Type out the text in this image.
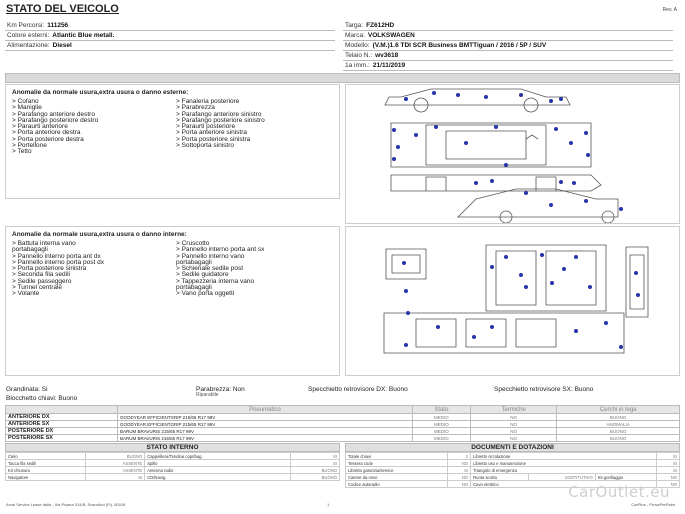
STATO DEL VEICOLO	Rev. A
Km Percorsi: 111256
Colore esterni: Atlantic Blue metall.
Alimentazione: Diesel
Targa: FZ612HD
Marca: VOLKSWAGEN
Modello: (V.M.)1.6 TDI SCR Business BMTTiguan / 2016 / 5P / SUV
Telaio N.: wv3618
1a imm.: 21/11/2019
Anomalie da normale usura,extra usura o danno esterne:
> Cofano
> Maniglie
> Parafango anteriore destro
> Parafango posteriore destro
> Paraurti anteriore
> Porta anteriore destra
> Porta posteriore destra
> Portellone
> Tetto
> Fanaleria posteriore
> Parabrezza
> Parafango anteriore sinistro
> Parafango posteriore sinistro
> Paraurti posteriore
> Porta anteriore sinistra
> Porta posteriore sinistra
> Sottoporta sinistro
Anomalie da normale usura,extra usura o danno interne:
> Battuta interna vano
portabagagli
> Pannello interno porta ant dx
> Pannello interno porta post dx
> Porta posteriore sinistra
> Seconda fila sedili
> Sedile passeggero
> Tunnel centrale
> Volante
> Cruscotto
> Pannello interno porta ant sx
> Pannello interno vano
portabagagli
> Schienale sedile post
> Sedile guidatore
> Tappezzeria interna vano
portabagagli
> Vano porta oggetti
Grandinata: Si	Parabrezza: Non
Riparabile
Specchietto retrovisore DX: Buono	Specchietto retrovisore SX: Buono
Blocchetto chiavi: Buono
	Pneumatico	Stato	Termiche	Cerchi in lega
ANTERIORE DX	GOODYEAR EFFICIENTGRIP 215/65 R17 99V	MEDIO	NO	BUONO
ANTERIORE SX	GOODYEAR EFFICIENTGRIP 215/65 R17 99V	MEDIO	NO	ANOMALIA
POSTERIORE DX	BARUM BRAVURIS 215/65 R17 99V	MEDIO	NO	BUONO
POSTERIORE SX	BARUM BRAVURIS 215/65 R17 99V	MEDIO	NO	BUONO
STATO INTERNO
Cielo	BUONO	Cappelliera/Tendina copribag.	SI
Tacca fila sedili	ASSENTE	Spillo	SI
Kit chiusura	ASSENTE	Antenna radio	BUONO
Navigatore	SI	CD/Navig.	BUONO
DOCUMENTI E DOTAZIONI
Totale chiavi	2	Libretto circolazione			SI
Tessera code	NO	Libretto uso e manutenzione			SI
Libretto garanzia/service	SI	Triangolo di emergenza			SI
Catene da neve	NO	Ruota scorta	SOSTITUTIVO	Kit gonfiaggio	NO
Codice autoradio	NO	Cavo elettrico			NO
CarOutlet.eu
Arval Service Lease Italia - Via Pisana 314/B, Scandicci (FI), 50018	1	CarPlus - ProvePerPaint
